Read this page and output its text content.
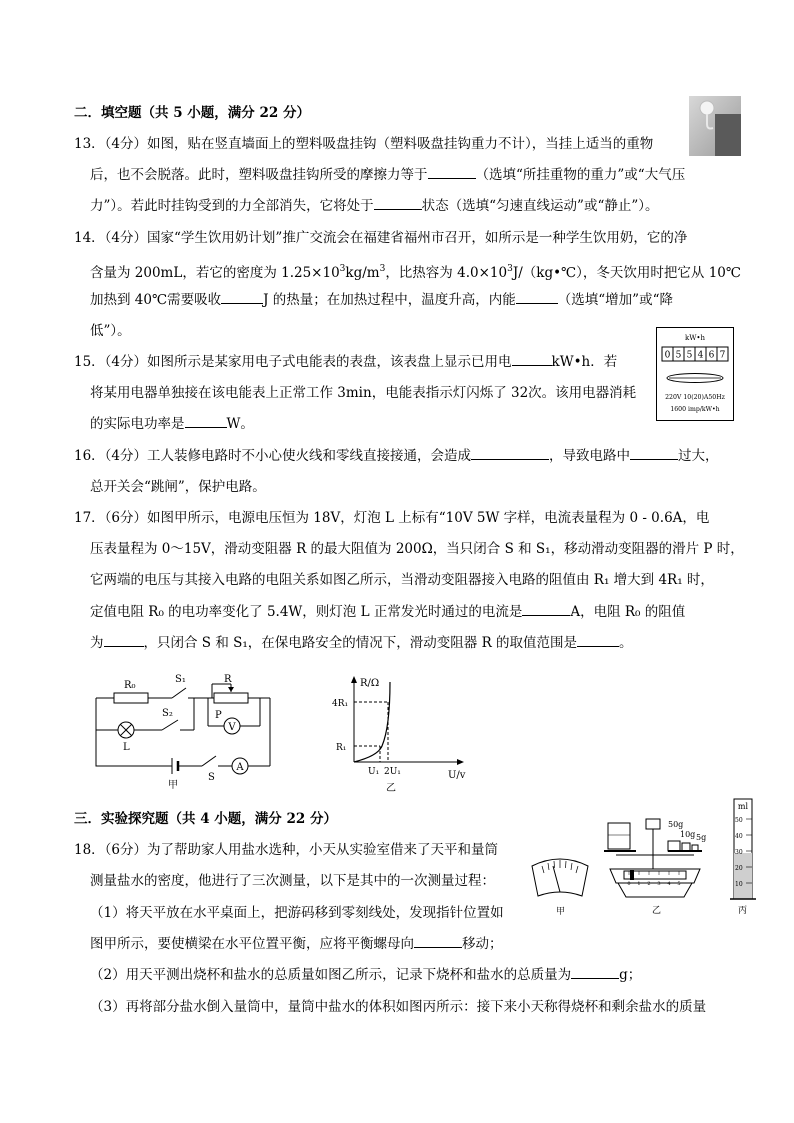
二．填空题（共 5 小题，满分 22 分）
13．（4分）如图，贴在竖直墙面上的塑料吸盘挂钩（塑料吸盘挂钩重力不计），当挂上适当的重物
后，也不会脱落。此时，塑料吸盘挂钩所受的摩擦力等于	（选填“所挂重物的重力”或“大气压
力”）。若此时挂钩受到的力全部消失，它将处于	状态（选填“匀速直线运动”或“静止”）。
14．（4分）国家“学生饮用奶计划”推广交流会在福建省福州市召开，如所示是一种学生饮用奶，它的净
含量为 200mL，若它的密度为 $1.25\times 10^3kg/m^3$，比热容为 $4.0\times 10^3J/(kg•℃)$，冬天饮用时把它从 10℃
加热到 40℃需要吸收	J 的热量；在加热过程中，温度升高，内能	（选填“增加”或“降
低”）。	kW•h
0 5 5 4 6 7
220V 10(20)A50Hz
1600 imp/kW•h
15．（4分）如图所示是某家用电子式电能表的表盘，该表盘上显示已用电	kW•h．若
将某用电器单独接在该电能表上正常工作 3min，电能表指示灯闪烁了 32次。该用电器消耗
的实际电功率是	W。
16．（4分）工人装修电路时不小心使火线和零线直接接通，会造成	，导致电路中	过大，
总开关会“跳闸”，保护电路。
17．（6分）如图甲所示，电源电压恒为 18V，灯泡 L 上标有“10V 5W 字样，电流表量程为 0 - 0.6A，电
压表量程为 0～15V，滑动变阻器 R 的最大阻值为 200Ω，当只闭合 S 和 S₁，移动滑动变阻器的滑片 P 时，
它两端的电压与其接入电路的电阻关系如图乙所示，当滑动变阻器接入电路的阻值由 R₁ 增大到 4R₁ 时，
定值电阻 R₀ 的电功率变化了 5.4W，则灯泡 L 正常发光时通过的电流是	A，电阻 R₀ 的阻值
为	，只闭合 S 和 S₁，在保电路安全的情况下，滑动变阻器 R 的取值范围是	。
R₀
S₁	R
S₂	P
V
L
S
A
甲
R/Ω
4R₁
R₁
U₁ 2U₁	U/v
乙
三．实验探究题（共 4 小题，满分 22 分）
18．（6分）为了帮助家人用盐水选种，小天从实验室借来了天平和量筒
测量盐水的密度，他进行了三次测量，以下是其中的一次测量过程：
（1）将天平放在水平桌面上，把游码移到零刻线处，发现指针位置如
图甲所示，要使横梁在水平位置平衡，应将平衡螺母向	移动；
（2）用天平测出烧杯和盐水的总质量如图乙所示，记录下烧杯和盐水的总质量为	g；
（3）再将部分盐水倒入量筒中，量筒中盐水的体积如图丙所示：接下来小天称得烧杯和剩余盐水的质量
甲
0 1 2 3 4 5
50g
10g 5g
乙
ml
50
40
30
20
10
丙
